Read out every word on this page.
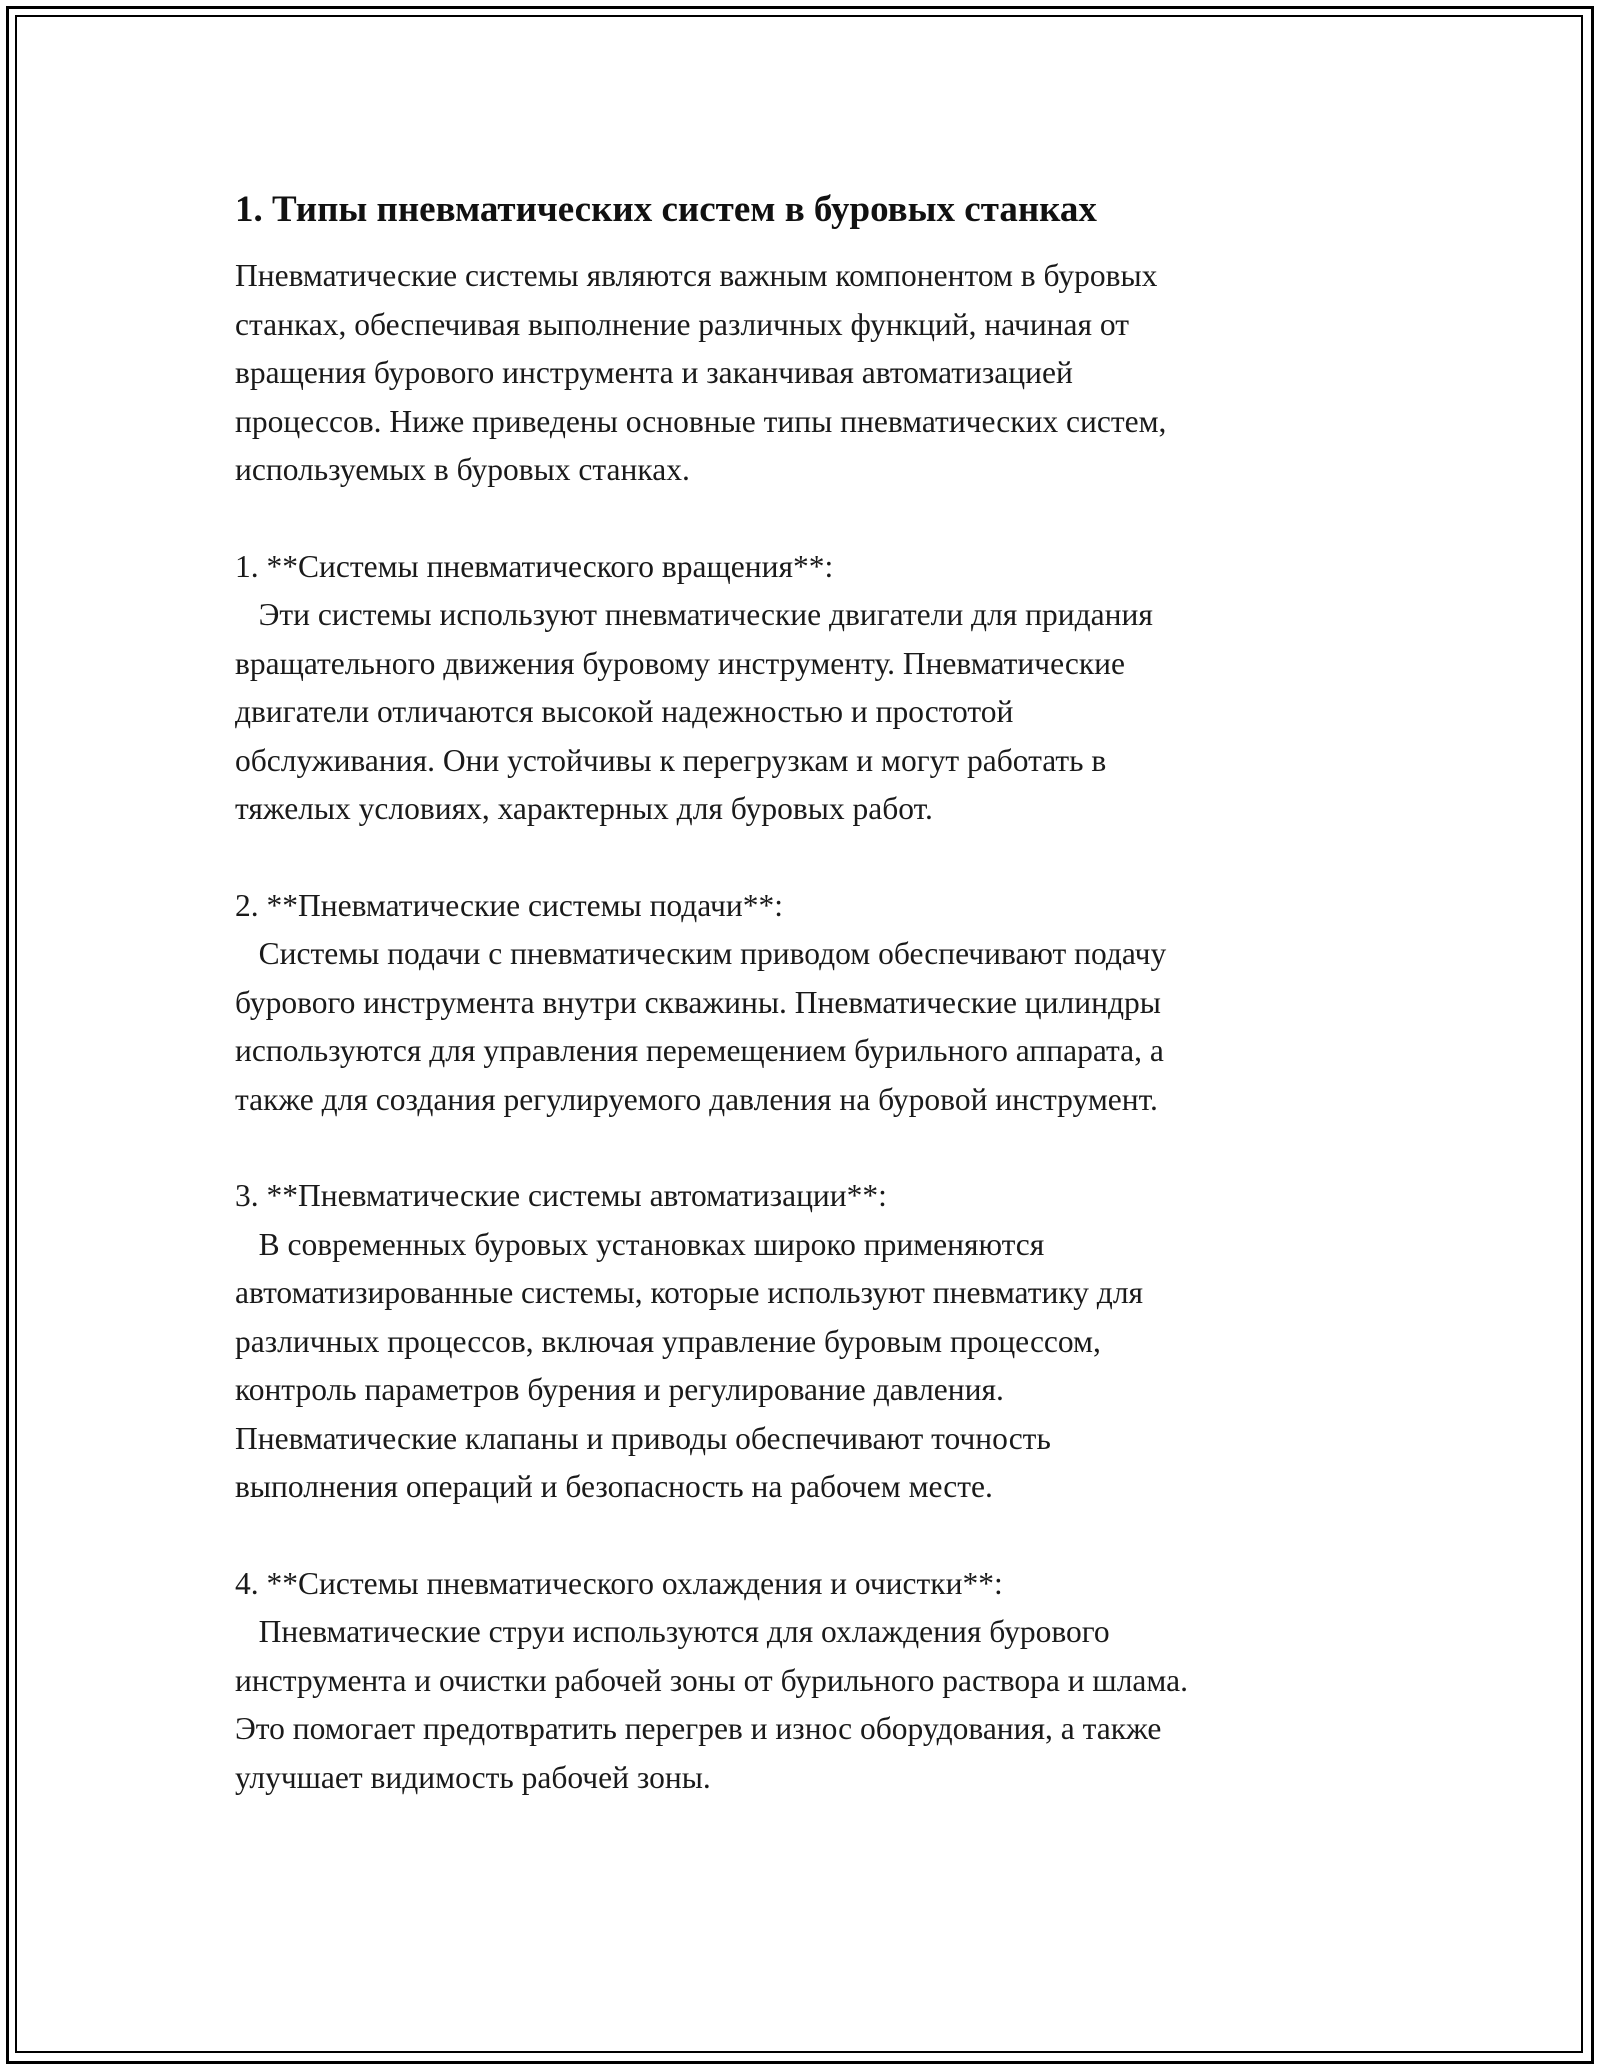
1. Типы пневматических систем в буровых станках

Пневматические системы являются важным компонентом в буровых
станках, обеспечивая выполнение различных функций, начиная от
вращения бурового инструмента и заканчивая автоматизацией
процессов. Ниже приведены основные типы пневматических систем,
используемых в буровых станках.

1. **Системы пневматического вращения**:
Эти системы используют пневматические двигатели для придания
вращательного движения буровому инструменту. Пневматические
двигатели отличаются высокой надежностью и простотой
обслуживания. Они устойчивы к перегрузкам и могут работать в
тяжелых условиях, характерных для буровых работ.
2. **Пневматические системы подачи**:
Системы подачи с пневматическим приводом обеспечивают подачу
бурового инструмента внутри скважины. Пневматические цилиндры
используются для управления перемещением бурильного аппарата, а
также для создания регулируемого давления на буровой инструмент.
3. **Пневматические системы автоматизации**:
В современных буровых установках широко применяются
автоматизированные системы, которые используют пневматику для
различных процессов, включая управление буровым процессом,
контроль параметров бурения и регулирование давления.
Пневматические клапаны и приводы обеспечивают точность
выполнения операций и безопасность на рабочем месте.
4. **Системы пневматического охлаждения и очистки**:
Пневматические струи используются для охлаждения бурового
инструмента и очистки рабочей зоны от бурильного раствора и шлама.
Это помогает предотвратить перегрев и износ оборудования, а также
улучшает видимость рабочей зоны.
